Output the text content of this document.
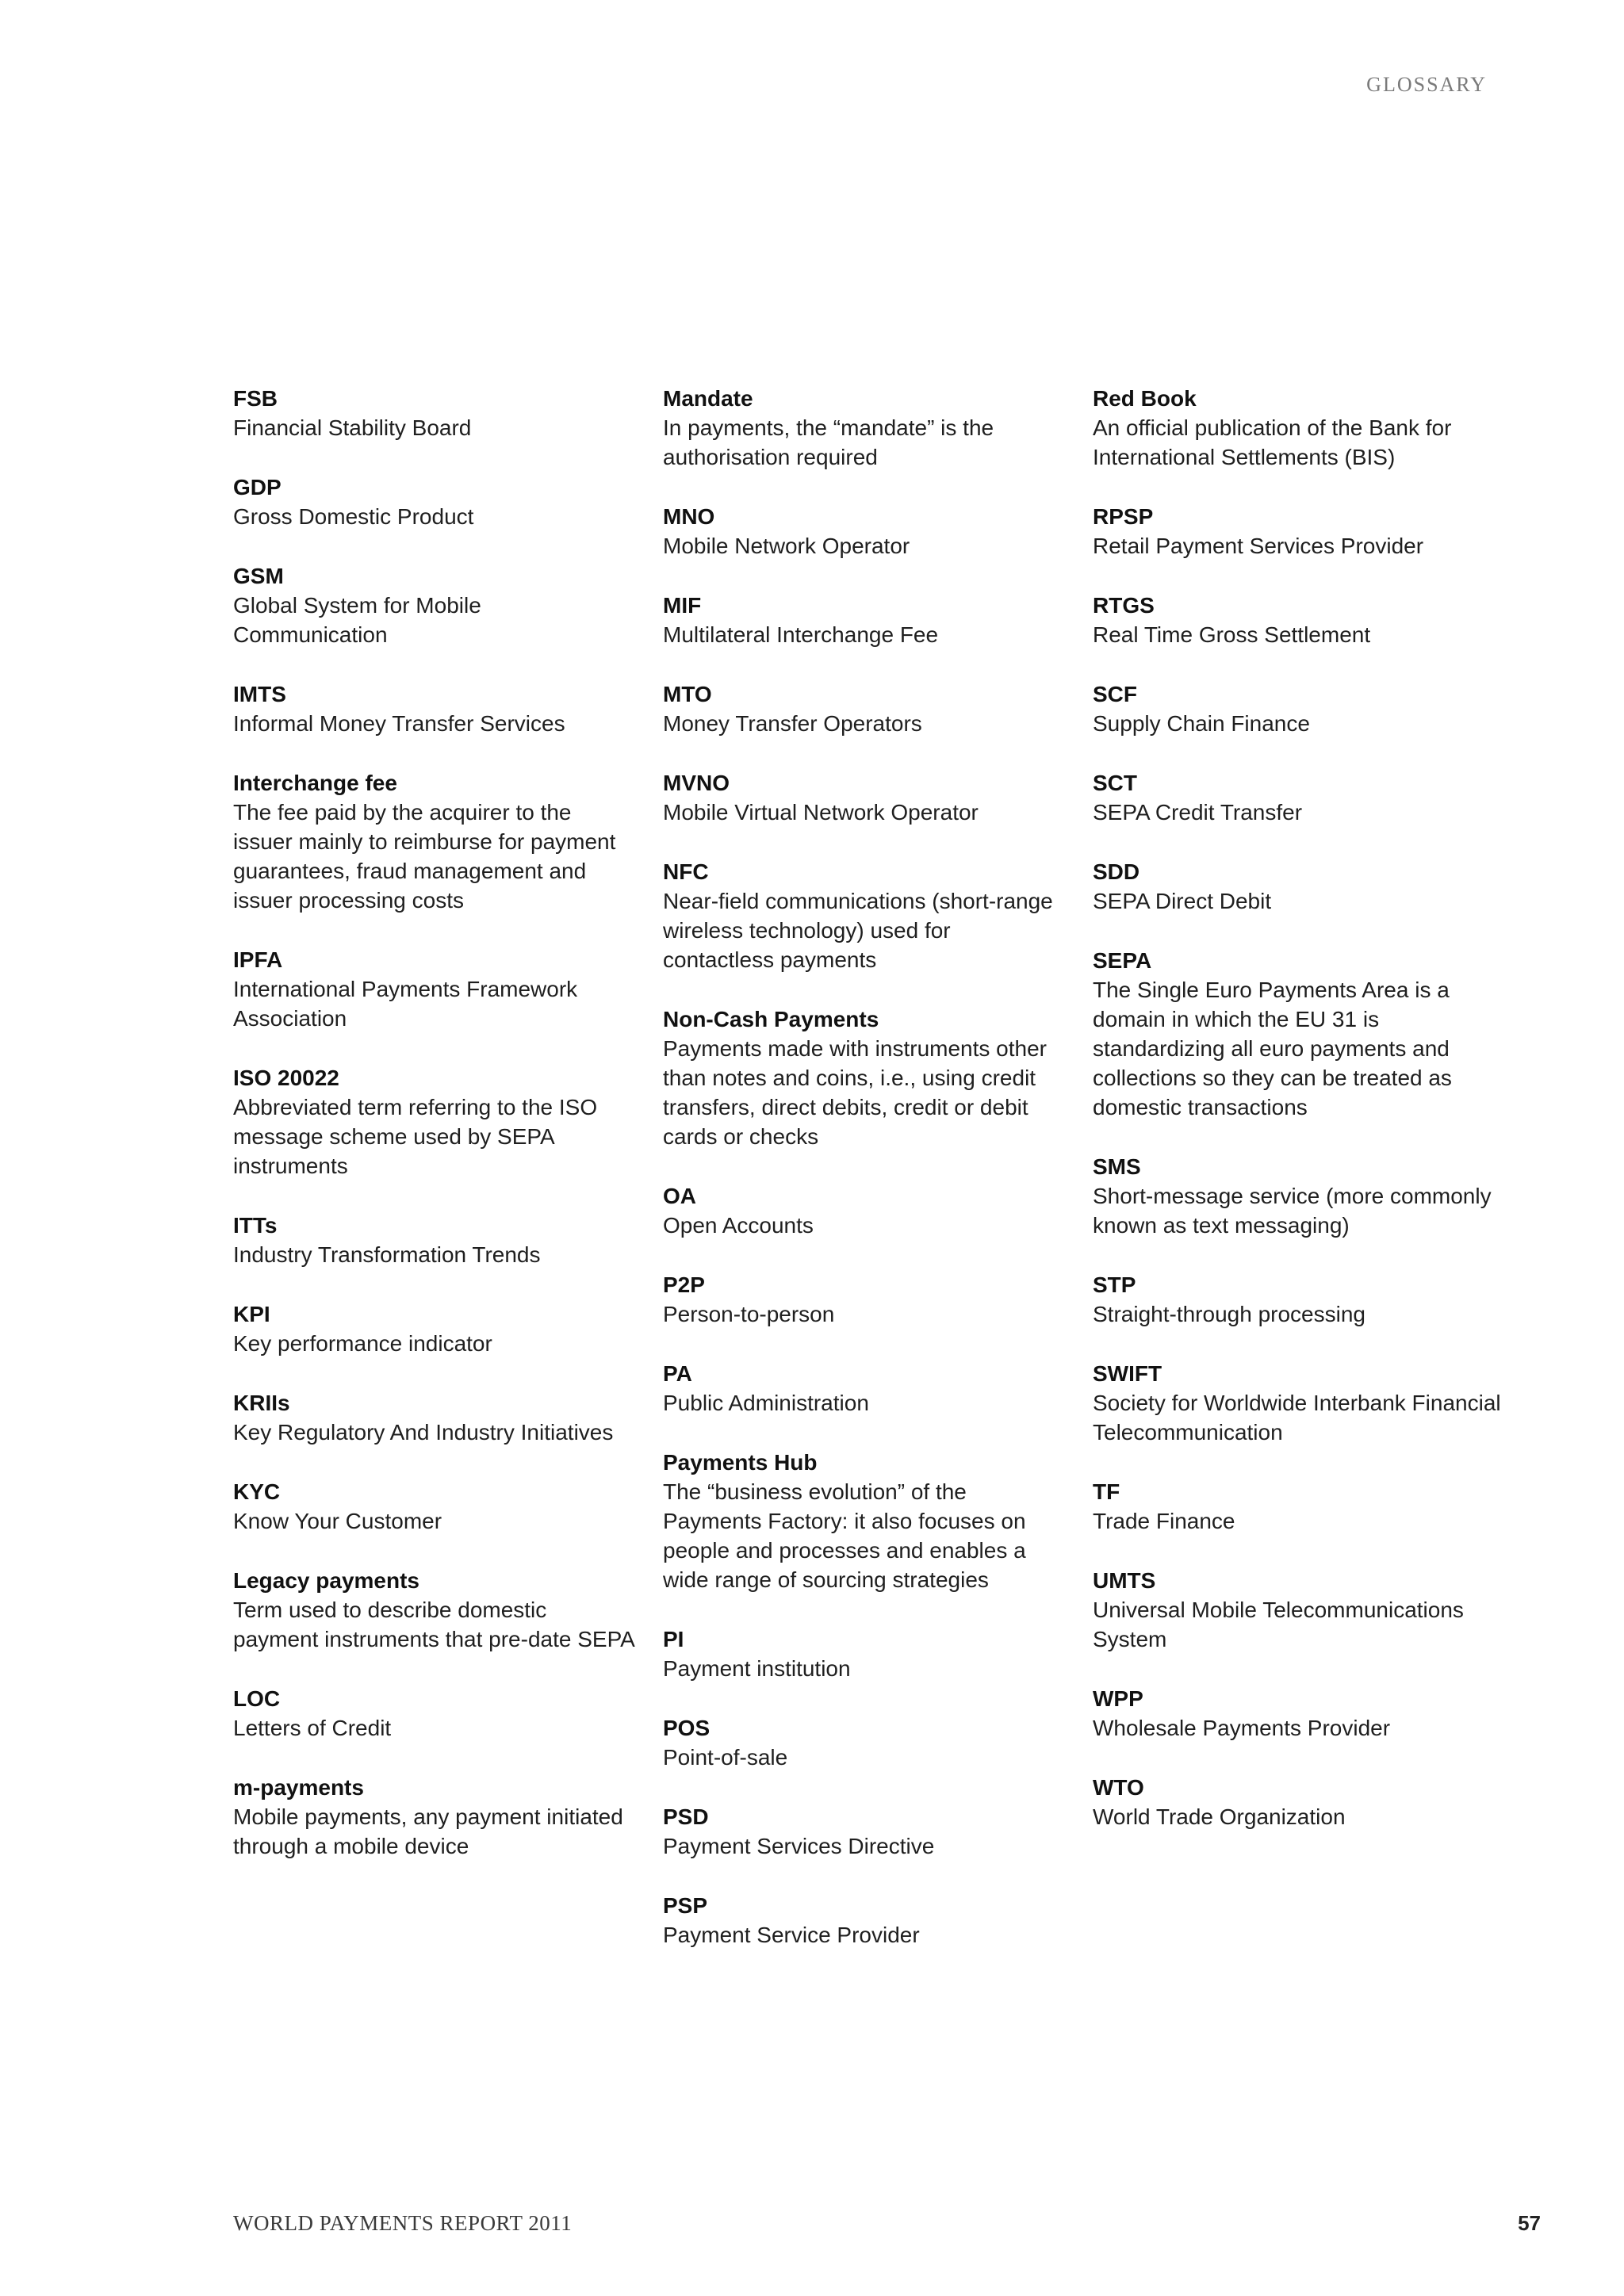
GLOSSARY
FSB
Financial Stability Board
GDP
Gross Domestic Product
GSM
Global System for Mobile Communication
IMTS
Informal Money Transfer Services
Interchange fee
The fee paid by the acquirer to the issuer mainly to reimburse for payment guarantees, fraud management and issuer processing costs
IPFA
International Payments Framework Association
ISO 20022
Abbreviated term referring to the ISO message scheme used by SEPA instruments
ITTs
Industry Transformation Trends
KPI
Key performance indicator
KRIIs
Key Regulatory And Industry Initiatives
KYC
Know Your Customer
Legacy payments
Term used to describe domestic payment instruments that pre-date SEPA
LOC
Letters of Credit
m-payments
Mobile payments, any payment initiated through a mobile device
Mandate
In payments, the “mandate” is the authorisation required
MNO
Mobile Network Operator
MIF
Multilateral Interchange Fee
MTO
Money Transfer Operators
MVNO
Mobile Virtual Network Operator
NFC
Near-field communications (short-range wireless technology) used for contactless payments
Non-Cash Payments
Payments made with instruments other than notes and coins, i.e., using credit transfers, direct debits, credit or debit cards or checks
OA
Open Accounts
P2P
Person-to-person
PA
Public Administration
Payments Hub
The “business evolution” of the Payments Factory: it also focuses on people and processes and enables a wide range of sourcing strategies
PI
Payment institution
POS
Point-of-sale
PSD
Payment Services Directive
PSP
Payment Service Provider
Red Book
An official publication of the Bank for International Settlements (BIS)
RPSP
Retail Payment Services Provider
RTGS
Real Time Gross Settlement
SCF
Supply Chain Finance
SCT
SEPA Credit Transfer
SDD
SEPA Direct Debit
SEPA
The Single Euro Payments Area is a domain in which the EU 31 is standardizing all euro payments and collections so they can be treated as domestic transactions
SMS
Short-message service (more commonly known as text messaging)
STP
Straight-through processing
SWIFT
Society for Worldwide Interbank Financial Telecommunication
TF
Trade Finance
UMTS
Universal Mobile Telecommunications System
WPP
Wholesale Payments Provider
WTO
World Trade Organization
WORLD PAYMENTS REPORT 2011	57
